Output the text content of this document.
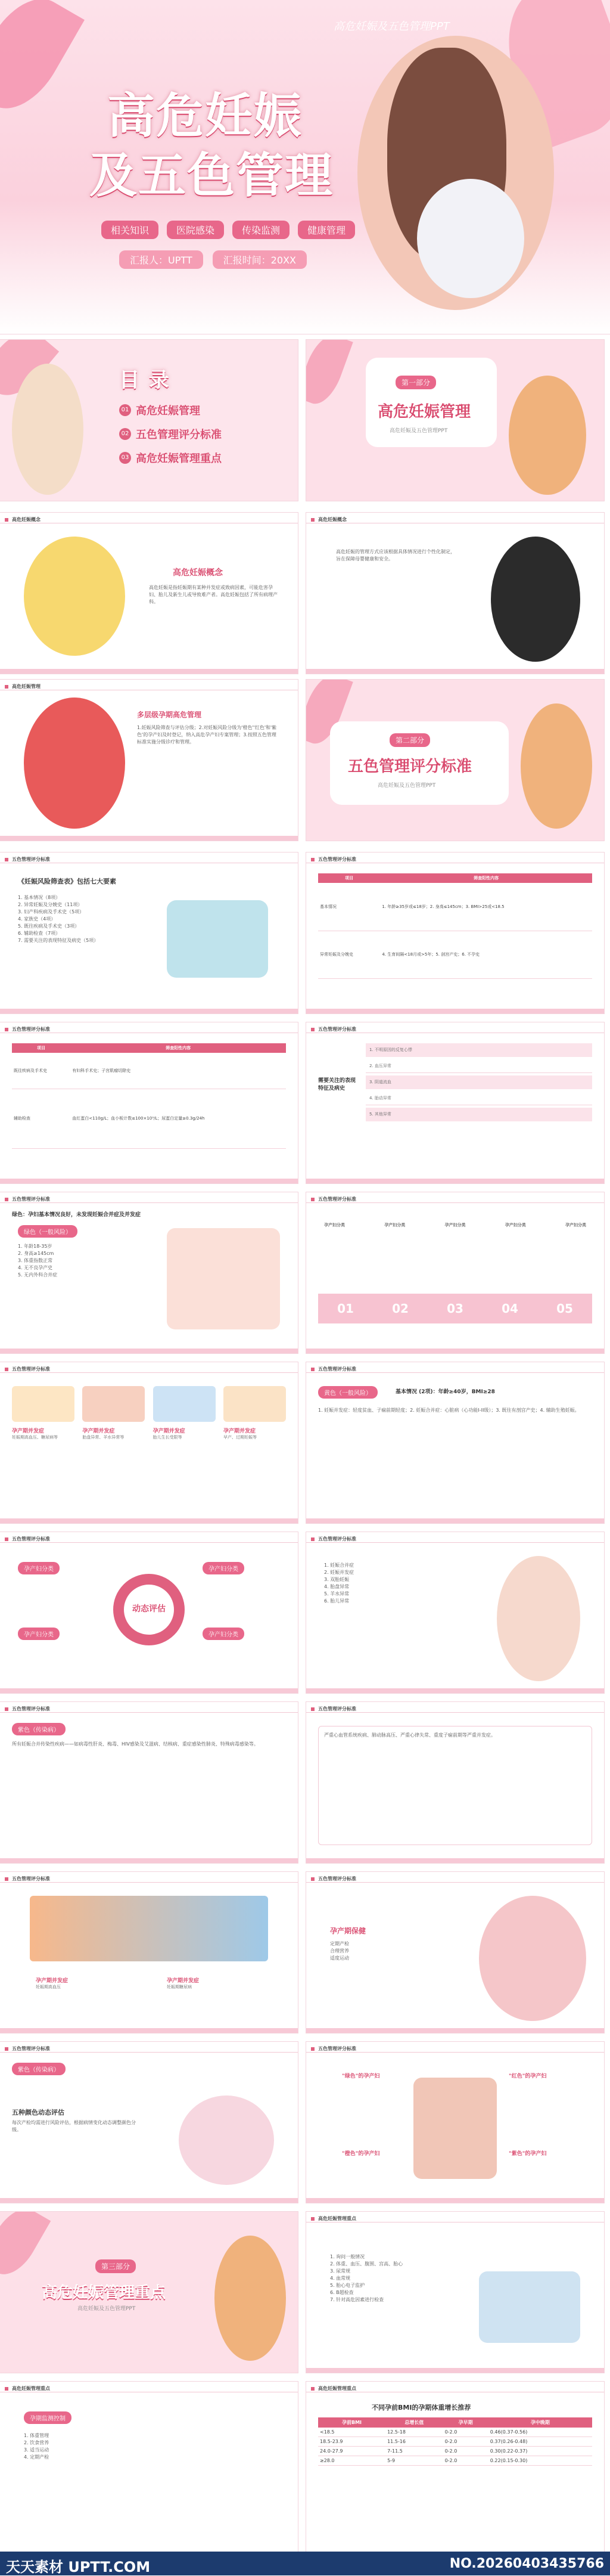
高危妊娠及五色管理PPT
高危妊娠
及五色管理
相关知识	医院感染	传染监测	健康管理
汇报人：UPTT	汇报时间：20XX
目 录
01 高危妊娠管理
02 五色管理评分标准
03 高危妊娠管理重点
第一部分
高危妊娠管理
高危妊娠及五色管理PPT
高危妊娠概念
高危妊娠概念
高危妊娠是指妊娠期有某种并发症或致病因素，可能危害孕妇、胎儿及新生儿或导致难产者。高危妊娠包括了所有病理产科。
高危妊娠概念
高危妊娠的管理方式应该根据具体情况进行个性化制定，旨在保障母婴健康和安全。
高危妊娠管理
多层级孕期高危管理
1.妊娠风险筛查与评估分级；2.对妊娠风险分级为'橙色''红色'和'紫色'的孕产妇及时登记，纳入高危孕产妇专案管理；3.按照五色管理标准实施分级诊疗和管理。	第二部分
五色管理评分标准
高危妊娠及五色管理PPT
五色管理评分标准
《妊娠风险筛查表》包括七大要素
1. 基本情况（8项）
2. 异常妊娠及分娩史（11项）
3. 妇产科疾病及手术史（5项）
4. 家族史（4项）
5. 既往疾病及手术史（3项）
6. 辅助检查（7项）
7. 需要关注的表现特征及病史（5项）
五色管理评分标准
项目	筛查阳性内容
基本情况	1. 年龄≥35岁或≤18岁；2. 身高≤145cm；3. BMI>25或<18.5
异常妊娠及分娩史	4. 生育间隔<18月或>5年；5. 剖宫产史；6. 不孕史
五色管理评分标准
项目	筛查阳性内容
既往疾病及手术史	有妇科手术史；子宫肌瘤切除史
辅助检查	血红蛋白<110g/L；血小板计数≤100×10⁹/L；尿蛋白定量≥0.3g/24h
五色管理评分标准
需要关注的表现特征及病史
1. 不明原因的反复心悸
2. 血压异常
3. 阴道流血
4. 胎动异常
5. 其他异常
五色管理评分标准
绿色：孕妇基本情况良好，未发现妊娠合并症及并发症
绿色（一般风险）
1. 年龄18-35岁
2. 身高≥145cm
3. 体重指数正常
4. 无不良孕产史
5. 无内外科合并症
五色管理评分标准
孕产妇分类	孕产妇分类	孕产妇分类	孕产妇分类	孕产妇分类
01	02	03	04	05
五色管理评分标准
孕产期并发症
妊娠期高血压、糖尿病等
孕产期并发症
胎盘异常、羊水异常等
孕产期并发症
胎儿生长受限等
孕产期并发症
早产、过期妊娠等
五色管理评分标准
黄色（一般风险）	基本情况 (2项)：年龄≥40岁，BMI≥28
1. 妊娠并发症：轻度贫血、子痫前期轻度；2. 妊娠合并症：心脏病（心功能I-II级）；3. 既往有剖宫产史；4. 辅助生殖妊娠。
五色管理评分标准
孕产妇分类	孕产妇分类
孕产妇分类	孕产妇分类
动态评估
五色管理评分标准
1. 妊娠合并症
2. 妊娠并发症
3. 双胎妊娠
4. 胎盘异常
5. 羊水异常
6. 胎儿异常
五色管理评分标准
紫色（传染病）
所有妊娠合并传染性疾病——如病毒性肝炎、梅毒、HIV感染及艾滋病、结核病、重症感染性肺炎、特殊病毒感染等。
五色管理评分标准
严重心血管系统疾病、肺动脉高压、严重心律失常、重度子痫前期等严重并发症。
五色管理评分标准
孕产期并发症
妊娠期高血压
孕产期并发症
妊娠期糖尿病
五色管理评分标准
孕产期保健
定期产检
合理营养
适度运动
五色管理评分标准
紫色（传染病）
五种颜色动态评估
每次产检均需进行风险评估，根据病情变化动态调整颜色分级。
五色管理评分标准
"绿色"的孕产妇	"红色"的孕产妇
"橙色"的孕产妇	"紫色"的孕产妇
第三部分
高危妊娠管理重点
高危妊娠及五色管理PPT
高危妊娠管理重点
1. 询问一般情况
2. 体重、血压、腹围、宫高、胎心
3. 尿常规
4. 血常规
5. 胎心电子监护
6. B超检查
7. 针对高危因素进行检查
高危妊娠管理重点
孕期监测控制
1. 体重管理
2. 饮食营养
3. 适当运动
4. 定期产检
高危妊娠管理重点
不同孕前BMI的孕期体重增长推荐
孕前BMI	总增长值	孕早期	孕中晚期
<18.5	12.5-18	0-2.0	0.46(0.37-0.56)
18.5-23.9	11.5-16	0-2.0	0.37(0.26-0.48)
24.0-27.9	7-11.5	0-2.0	0.30(0.22-0.37)
≥28.0	5-9	0-2.0	0.22(0.15-0.30)
天天素材 UPTT.COM	NO.20260403435766
